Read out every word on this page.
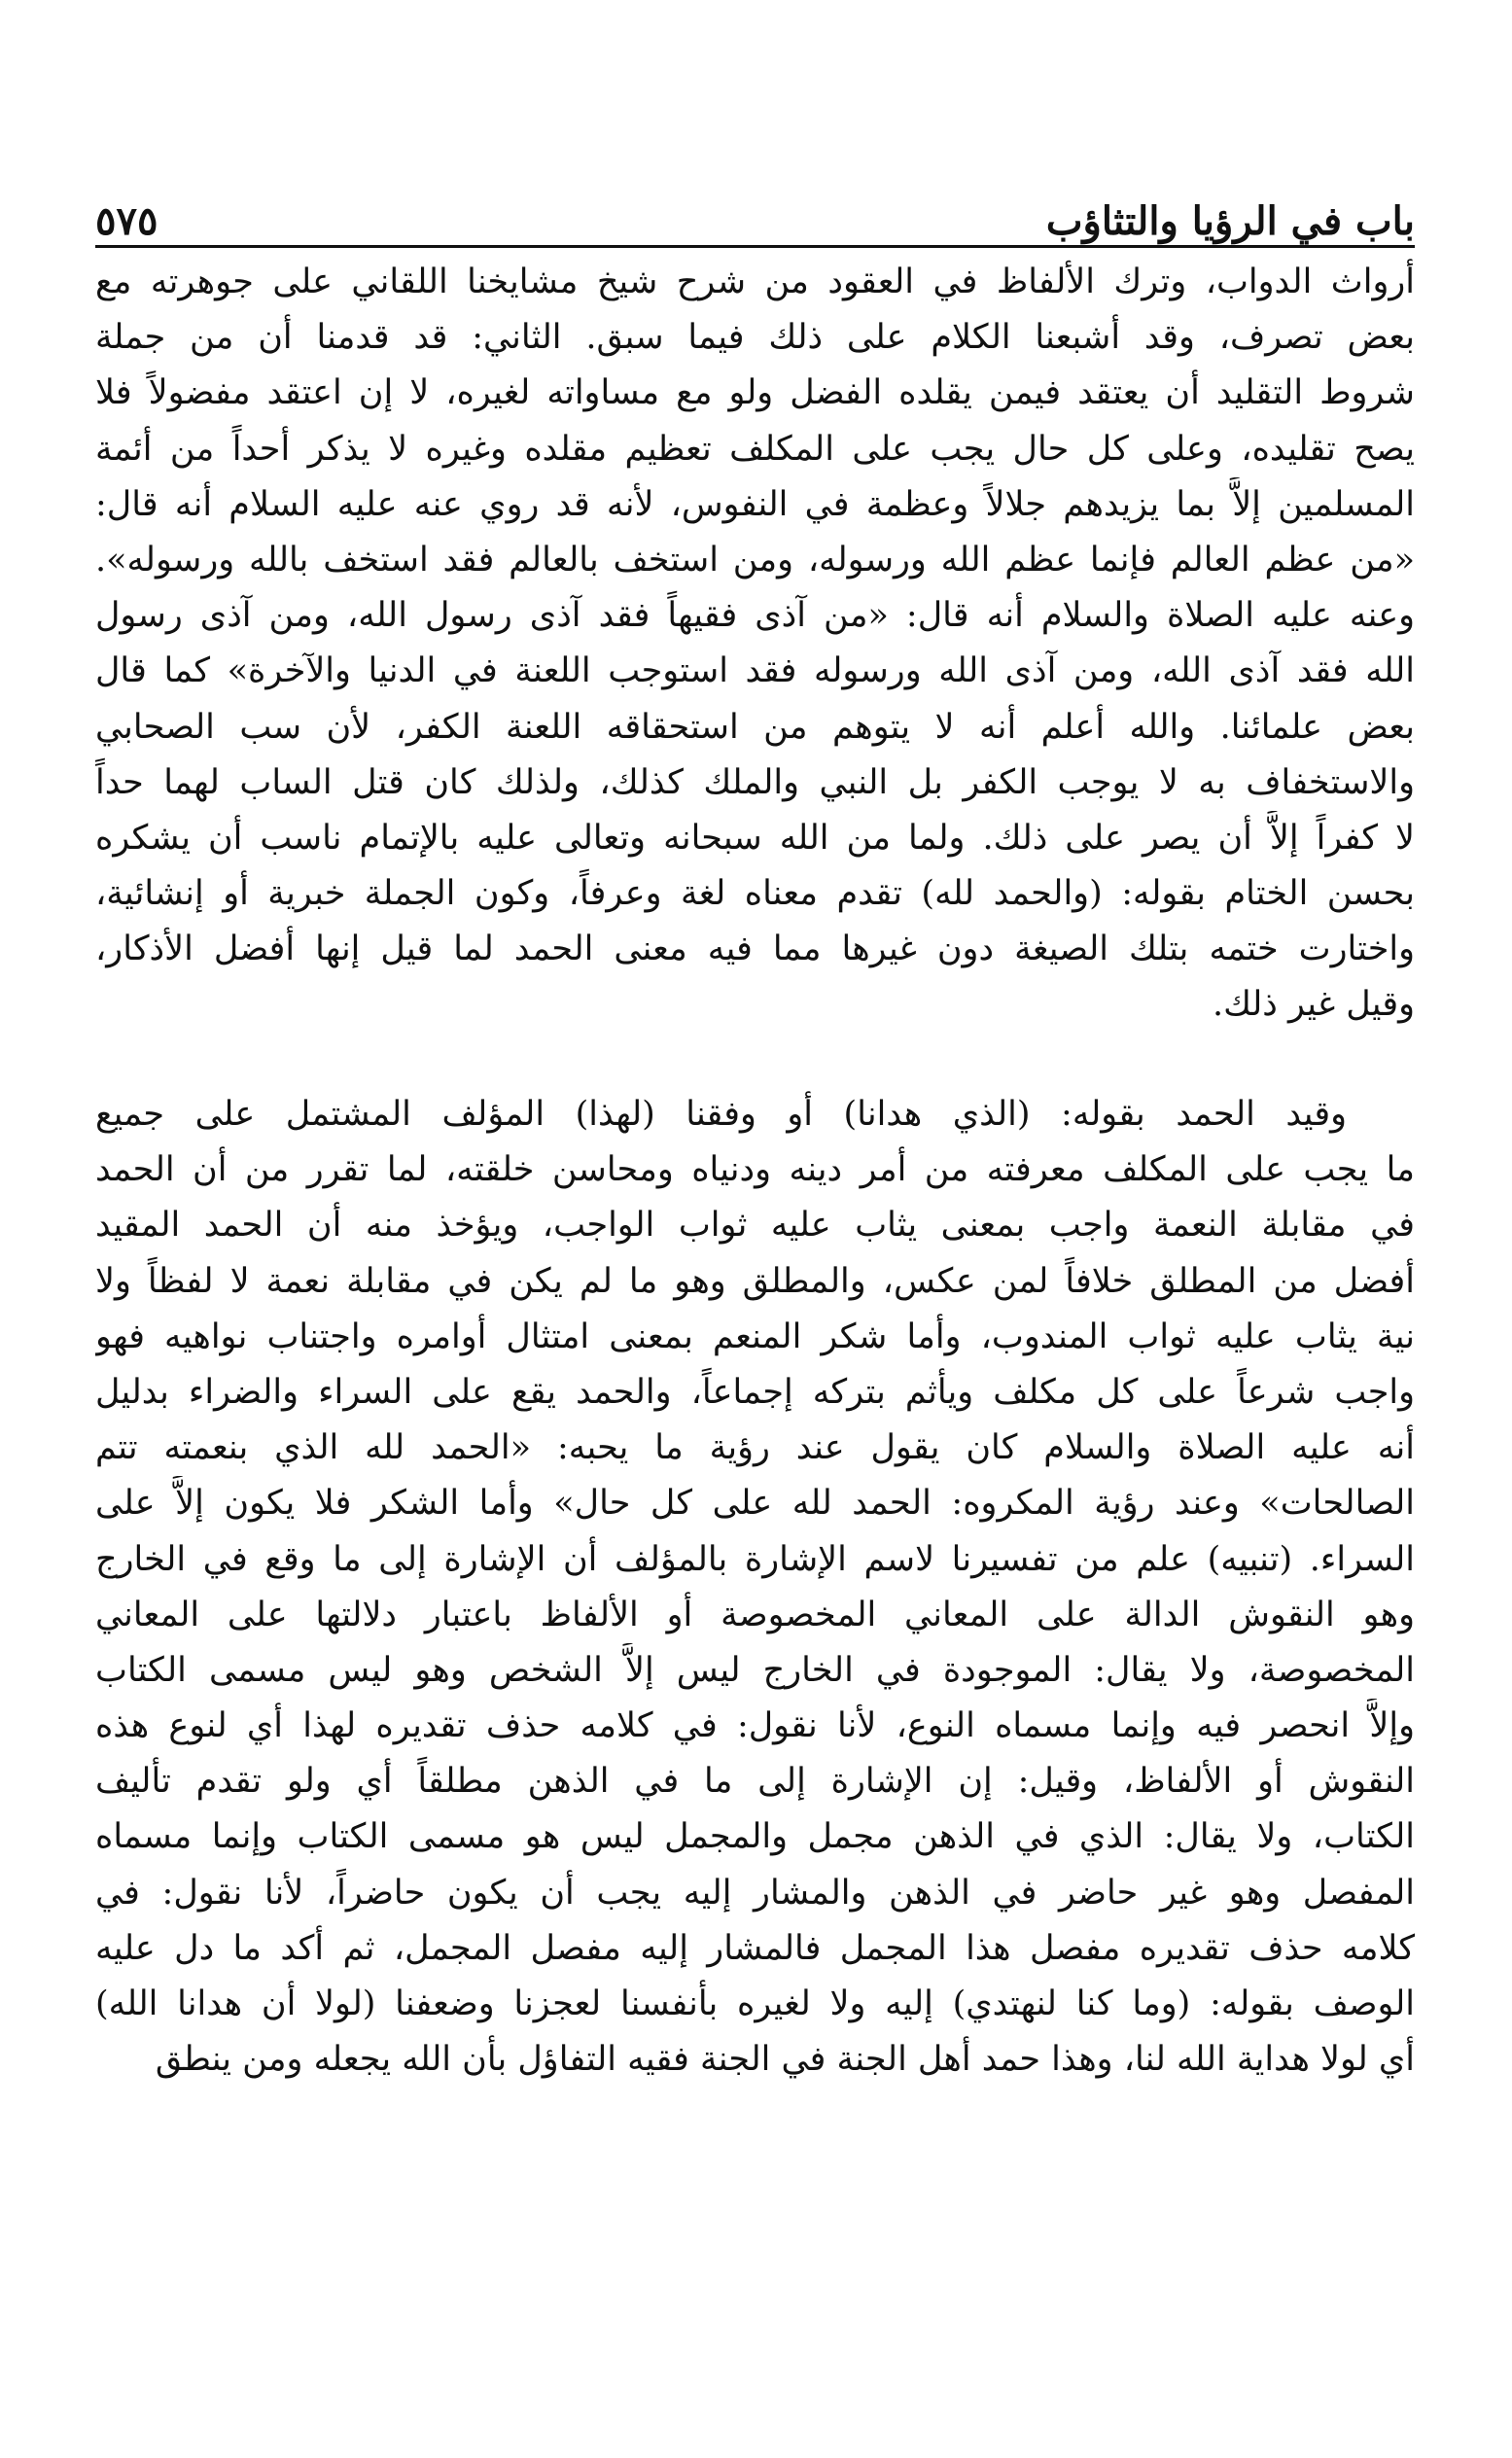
باب في الرؤيا والتثاؤب
٥٧٥
أرواث الدواب، وترك الألفاظ في العقود من شرح شيخ مشايخنا اللقاني على جوهرته مع
بعض تصرف، وقد أشبعنا الكلام على ذلك فيما سبق. الثاني: قد قدمنا أن من جملة
شروط التقليد أن يعتقد فيمن يقلده الفضل ولو مع مساواته لغيره، لا إن اعتقد مفضولاً فلا
يصح تقليده، وعلى كل حال يجب على المكلف تعظيم مقلده وغيره لا يذكر أحداً من أئمة
المسلمين إلاَّ بما يزيدهم جلالاً وعظمة في النفوس، لأنه قد روي عنه عليه السلام أنه قال:
«من عظم العالم فإنما عظم الله ورسوله، ومن استخف بالعالم فقد استخف بالله ورسوله».
وعنه عليه الصلاة والسلام أنه قال: «من آذى فقيهاً فقد آذى رسول الله، ومن آذى رسول
الله فقد آذى الله، ومن آذى الله ورسوله فقد استوجب اللعنة في الدنيا والآخرة» كما قال
بعض علمائنا. والله أعلم أنه لا يتوهم من استحقاقه اللعنة الكفر، لأن سب الصحابي
والاستخفاف به لا يوجب الكفر بل النبي والملك كذلك، ولذلك كان قتل الساب لهما حداً
لا كفراً إلاَّ أن يصر على ذلك. ولما من الله سبحانه وتعالى عليه بالإتمام ناسب أن يشكره
بحسن الختام بقوله: (والحمد لله) تقدم معناه لغة وعرفاً، وكون الجملة خبرية أو إنشائية،
واختارت ختمه بتلك الصيغة دون غيرها مما فيه معنى الحمد لما قيل إنها أفضل الأذكار،
وقيل غير ذلك.
وقيد الحمد بقوله: (الذي هدانا) أو وفقنا (لهذا) المؤلف المشتمل على جميع
ما يجب على المكلف معرفته من أمر دينه ودنياه ومحاسن خلقته، لما تقرر من أن الحمد
في مقابلة النعمة واجب بمعنى يثاب عليه ثواب الواجب، ويؤخذ منه أن الحمد المقيد
أفضل من المطلق خلافاً لمن عكس، والمطلق وهو ما لم يكن في مقابلة نعمة لا لفظاً ولا
نية يثاب عليه ثواب المندوب، وأما شكر المنعم بمعنى امتثال أوامره واجتناب نواهيه فهو
واجب شرعاً على كل مكلف ويأثم بتركه إجماعاً، والحمد يقع على السراء والضراء بدليل
أنه عليه الصلاة والسلام كان يقول عند رؤية ما يحبه: «الحمد لله الذي بنعمته تتم
الصالحات» وعند رؤية المكروه: الحمد لله على كل حال» وأما الشكر فلا يكون إلاَّ على
السراء. (تنبيه) علم من تفسيرنا لاسم الإشارة بالمؤلف أن الإشارة إلى ما وقع في الخارج
وهو النقوش الدالة على المعاني المخصوصة أو الألفاظ باعتبار دلالتها على المعاني
المخصوصة، ولا يقال: الموجودة في الخارج ليس إلاَّ الشخص وهو ليس مسمى الكتاب
وإلاَّ انحصر فيه وإنما مسماه النوع، لأنا نقول: في كلامه حذف تقديره لهذا أي لنوع هذه
النقوش أو الألفاظ، وقيل: إن الإشارة إلى ما في الذهن مطلقاً أي ولو تقدم تأليف
الكتاب، ولا يقال: الذي في الذهن مجمل والمجمل ليس هو مسمى الكتاب وإنما مسماه
المفصل وهو غير حاضر في الذهن والمشار إليه يجب أن يكون حاضراً، لأنا نقول: في
كلامه حذف تقديره مفصل هذا المجمل فالمشار إليه مفصل المجمل، ثم أكد ما دل عليه
الوصف بقوله: (وما كنا لنهتدي) إليه ولا لغيره بأنفسنا لعجزنا وضعفنا (لولا أن هدانا الله)
أي لولا هداية الله لنا، وهذا حمد أهل الجنة في الجنة فقيه التفاؤل بأن الله يجعله ومن ينطق
